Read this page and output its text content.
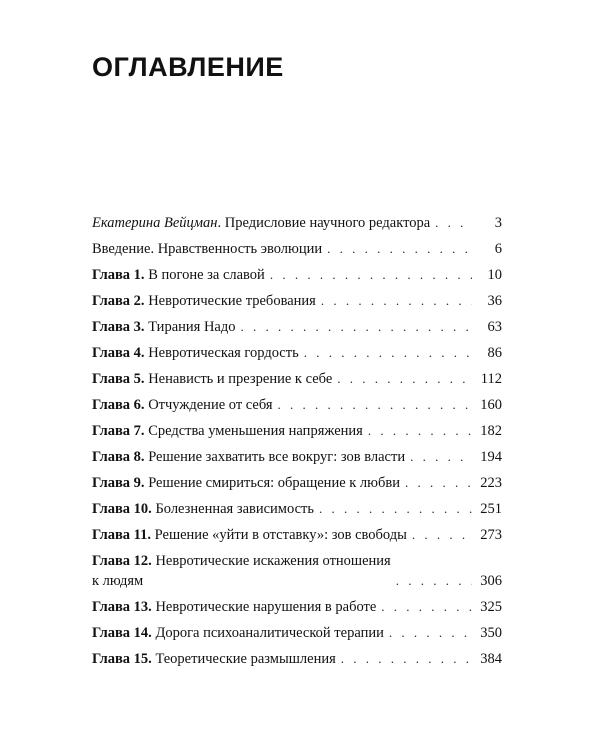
ОГЛАВЛЕНИЕ
Екатерина Вейцман. Предисловие научного редактора . . .	3
Введение. Нравственность эволюции . . .	6
Глава 1. В погоне за славой . . .	10
Глава 2. Невротические требования . . .	36
Глава 3. Тирания Надо . . .	63
Глава 4. Невротическая гордость . . .	86
Глава 5. Ненависть и презрение к себе . . .	112
Глава 6. Отчуждение от себя . . .	160
Глава 7. Средства уменьшения напряжения . . .	182
Глава 8. Решение захватить все вокруг: зов власти . . .	194
Глава 9. Решение смириться: обращение к любви . . .	223
Глава 10. Болезненная зависимость . . .	251
Глава 11. Решение «уйти в отставку»: зов свободы . . .	273
Глава 12. Невротические искажения отношения
к людям . . .	306
Глава 13. Невротические нарушения в работе . . .	325
Глава 14. Дорога психоаналитической терапии . . .	350
Глава 15. Теоретические размышления . . .	384
